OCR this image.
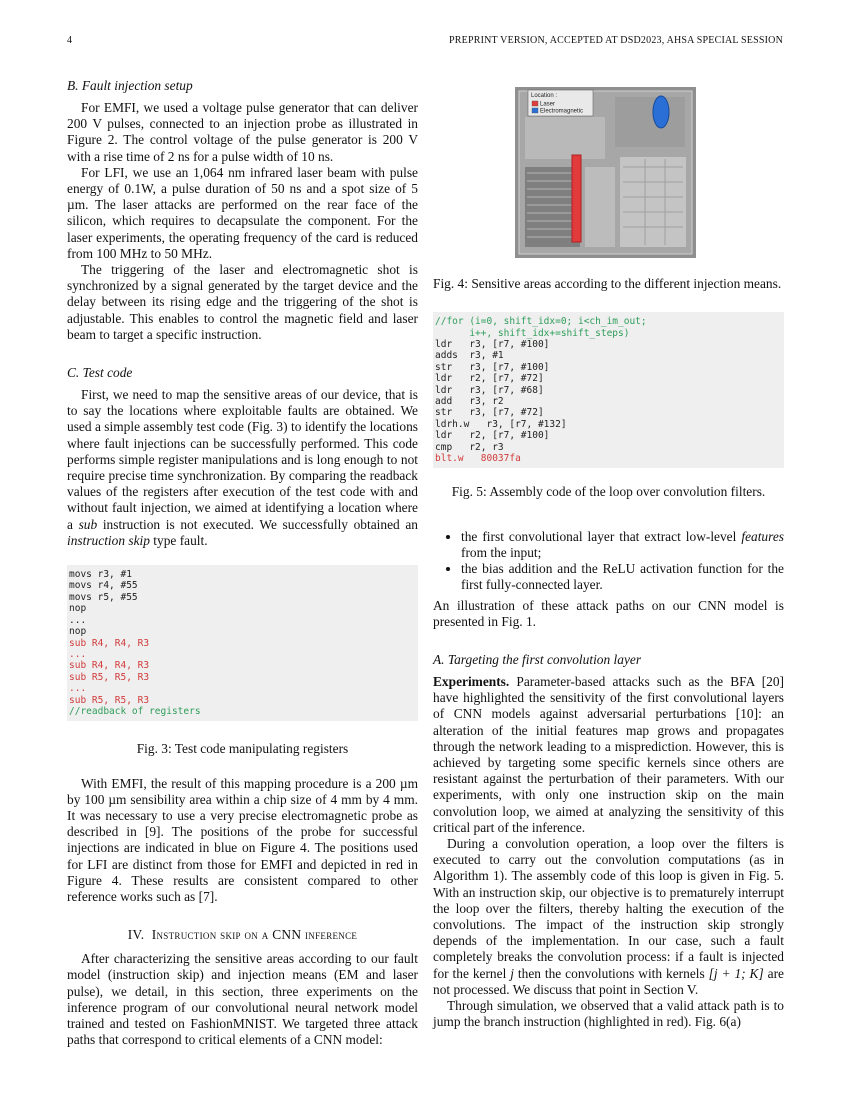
4	PREPRINT VERSION, ACCEPTED AT DSD2023, AHSA SPECIAL SESSION
B. Fault injection setup

For EMFI, we used a voltage pulse generator that can deliver 200 V pulses, connected to an injection probe as illustrated in Figure 2. The control voltage of the pulse generator is 200 V with a rise time of 2 ns for a pulse width of 10 ns.

For LFI, we use an 1,064 nm infrared laser beam with pulse energy of 0.1W, a pulse duration of 50 ns and a spot size of 5 µm. The laser attacks are performed on the rear face of the silicon, which requires to decapsulate the component. For the laser experiments, the operating frequency of the card is reduced from 100 MHz to 50 MHz.

The triggering of the laser and electromagnetic shot is synchronized by a signal generated by the target device and the delay between its rising edge and the triggering of the shot is adjustable. This enables to control the magnetic field and laser beam to target a specific instruction.

C. Test code

First, we need to map the sensitive areas of our device, that is to say the locations where exploitable faults are obtained. We used a simple assembly test code (Fig. 3) to identify the locations where fault injections can be successfully performed. This code performs simple register manipulations and is long enough to not require precise time synchronization. By comparing the readback values of the registers after execution of the test code with and without fault injection, we aimed at identifying a location where a sub instruction is not executed. We successfully obtained an instruction skip type fault.

movs r3, #1
movs r4, #55
movs r5, #55
nop
...
nop
sub R4, R4, R3
...
sub R4, R4, R3
sub R5, R5, R3
...
sub R5, R5, R3
//readback of registers
Fig. 3: Test code manipulating registers

With EMFI, the result of this mapping procedure is a 200 µm by 100 µm sensibility area within a chip size of 4 mm by 4 mm. It was necessary to use a very precise electromagnetic probe as described in [9]. The positions of the probe for successful injections are indicated in blue on Figure 4. The positions used for LFI are distinct from those for EMFI and depicted in red in Figure 4. These results are consistent compared to other reference works such as [7].

IV. Instruction skip on a CNN inference

After characterizing the sensitive areas according to our fault model (instruction skip) and injection means (EM and laser pulse), we detail, in this section, three experiments on the inference program of our convolutional neural network model trained and tested on FashionMNIST. We targeted three attack paths that correspond to critical elements of a CNN model:

Location :
Laser
Electromagnetic
Fig. 4: Sensitive areas according to the different injection means.
//for (i=0, shift_idx=0; i<ch_im_out;
i++, shift_idx+=shift_steps)
ldr   r3, [r7, #100]
adds  r3, #1
str   r3, [r7, #100]
ldr   r2, [r7, #72]
ldr   r3, [r7, #68]
add   r3, r2
str   r3, [r7, #72]
ldrh.w   r3, [r7, #132]
ldr   r2, [r7, #100]
cmp   r2, r3
blt.w   80037fa
Fig. 5: Assembly code of the loop over convolution filters.
• the first convolutional layer that extract low-level features from the input;
• the bias addition and the ReLU activation function for the first fully-connected layer.

An illustration of these attack paths on our CNN model is presented in Fig. 1.

A. Targeting the first convolution layer

Experiments. Parameter-based attacks such as the BFA [20] have highlighted the sensitivity of the first convolutional layers of CNN models against adversarial perturbations [10]: an alteration of the initial features map grows and propagates through the network leading to a misprediction. However, this is achieved by targeting some specific kernels since others are resistant against the perturbation of their parameters. With our experiments, with only one instruction skip on the main convolution loop, we aimed at analyzing the sensitivity of this critical part of the inference.

During a convolution operation, a loop over the filters is executed to carry out the convolution computations (as in Algorithm 1). The assembly code of this loop is given in Fig. 5. With an instruction skip, our objective is to prematurely interrupt the loop over the filters, thereby halting the execution of the convolutions. The impact of the instruction skip strongly depends of the implementation. In our case, such a fault completely breaks the convolution process: if a fault is injected for the kernel j then the convolutions with kernels [j + 1; K] are not processed. We discuss that point in Section V.

Through simulation, we observed that a valid attack path is to jump the branch instruction (highlighted in red). Fig. 6(a)
